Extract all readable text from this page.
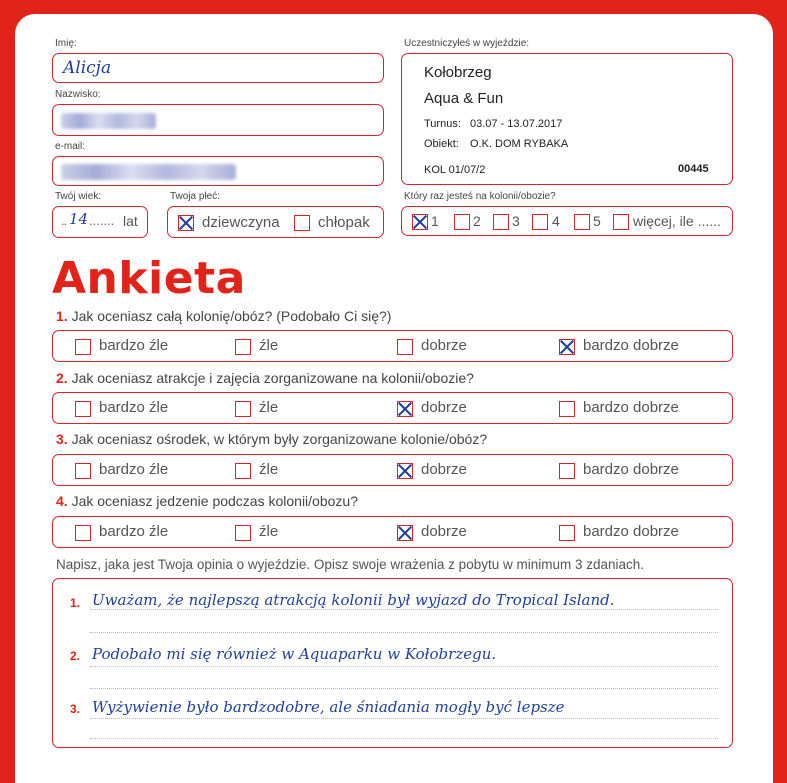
Imię:
Alicja
Nazwisko:
e-mail:
Twój wiek:
.. 14 ....... lat
Twoja płeć:
dziewczyna	chłopak
Uczestniczyłeś w wyjeździe:
Kołobrzeg
Aqua & Fun
Turnus: 03.07 - 13.07.2017
Obiekt: O.K. DOM RYBAKA
KOL 01/07/2	00445
Który raz jesteś na kolonii/obozie?
1 2 3 4 5 więcej, ile ......
Ankieta
1. Jak oceniasz całą kolonię/obóz? (Podobało Ci się?)
bardzo źle	źle	dobrze	bardzo dobrze
2. Jak oceniasz atrakcje i zajęcia zorganizowane na kolonii/obozie?
bardzo źle	źle	dobrze	bardzo dobrze
3. Jak oceniasz ośrodek, w którym były zorganizowane kolonie/obóz?
bardzo źle	źle	dobrze	bardzo dobrze
4. Jak oceniasz jedzenie podczas kolonii/obozu?
bardzo źle	źle	dobrze	bardzo dobrze
Napisz, jaka jest Twoja opinia o wyjeździe. Opisz swoje wrażenia z pobytu w minimum 3 zdaniach.
1. Uważam, że najlepszą atrakcją kolonii był wyjazd do Tropical Island.
2. Podobało mi się również w Aquaparku w Kołobrzegu.
3. Wyżywienie było bardzodobre, ale śniadania mogły być lepsze
